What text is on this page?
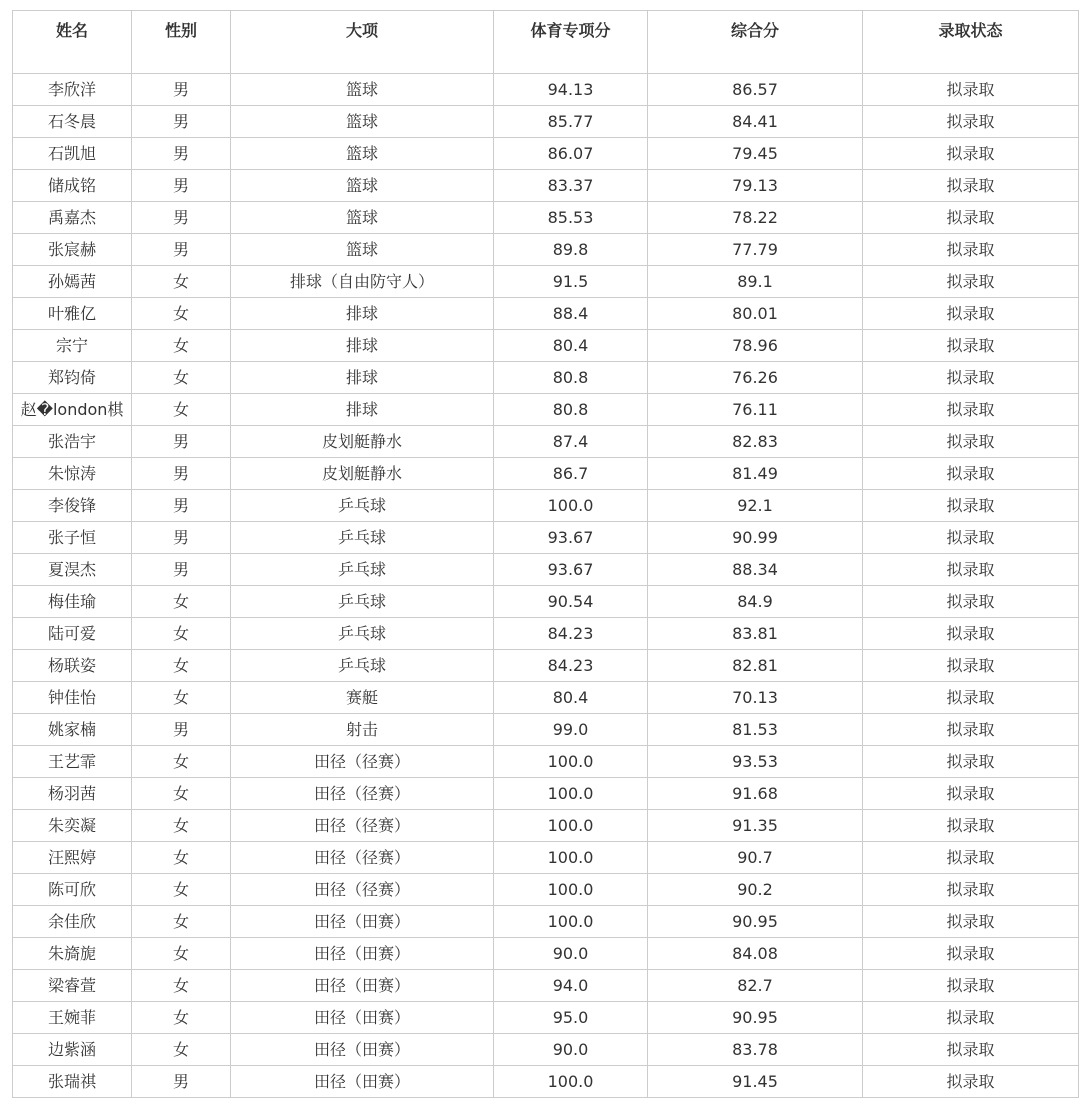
姓名	性别	大项	体育专项分	综合分	录取状态
李欣洋	男	篮球	94.13	86.57	拟录取
石冬晨	男	篮球	85.77	84.41	拟录取
石凯旭	男	篮球	86.07	79.45	拟录取
储成铭	男	篮球	83.37	79.13	拟录取
禹嘉杰	男	篮球	85.53	78.22	拟录取
张宸赫	男	篮球	89.8	77.79	拟录取
孙嫣茜	女	排球（自由防守人）	91.5	89.1	拟录取
叶雅亿	女	排球	88.4	80.01	拟录取
宗宁	女	排球	80.4	78.96	拟录取
郑钧倚	女	排球	80.8	76.26	拟录取
赵�london棋	女	排球	80.8	76.11	拟录取
张浩宇	男	皮划艇静水	87.4	82.83	拟录取
朱惊涛	男	皮划艇静水	86.7	81.49	拟录取
李俊锋	男	乒乓球	100.0	92.1	拟录取
张子恒	男	乒乓球	93.67	90.99	拟录取
夏淏杰	男	乒乓球	93.67	88.34	拟录取
梅佳瑜	女	乒乓球	90.54	84.9	拟录取
陆可爱	女	乒乓球	84.23	83.81	拟录取
杨联姿	女	乒乓球	84.23	82.81	拟录取
钟佳怡	女	赛艇	80.4	70.13	拟录取
姚家楠	男	射击	99.0	81.53	拟录取
王艺霏	女	田径（径赛）	100.0	93.53	拟录取
杨羽茜	女	田径（径赛）	100.0	91.68	拟录取
朱奕凝	女	田径（径赛）	100.0	91.35	拟录取
汪熙婷	女	田径（径赛）	100.0	90.7	拟录取
陈可欣	女	田径（径赛）	100.0	90.2	拟录取
余佳欣	女	田径（田赛）	100.0	90.95	拟录取
朱旖旎	女	田径（田赛）	90.0	84.08	拟录取
梁睿萱	女	田径（田赛）	94.0	82.7	拟录取
王婉菲	女	田径（田赛）	95.0	90.95	拟录取
边紫涵	女	田径（田赛）	90.0	83.78	拟录取
张瑞祺	男	田径（田赛）	100.0	91.45	拟录取
